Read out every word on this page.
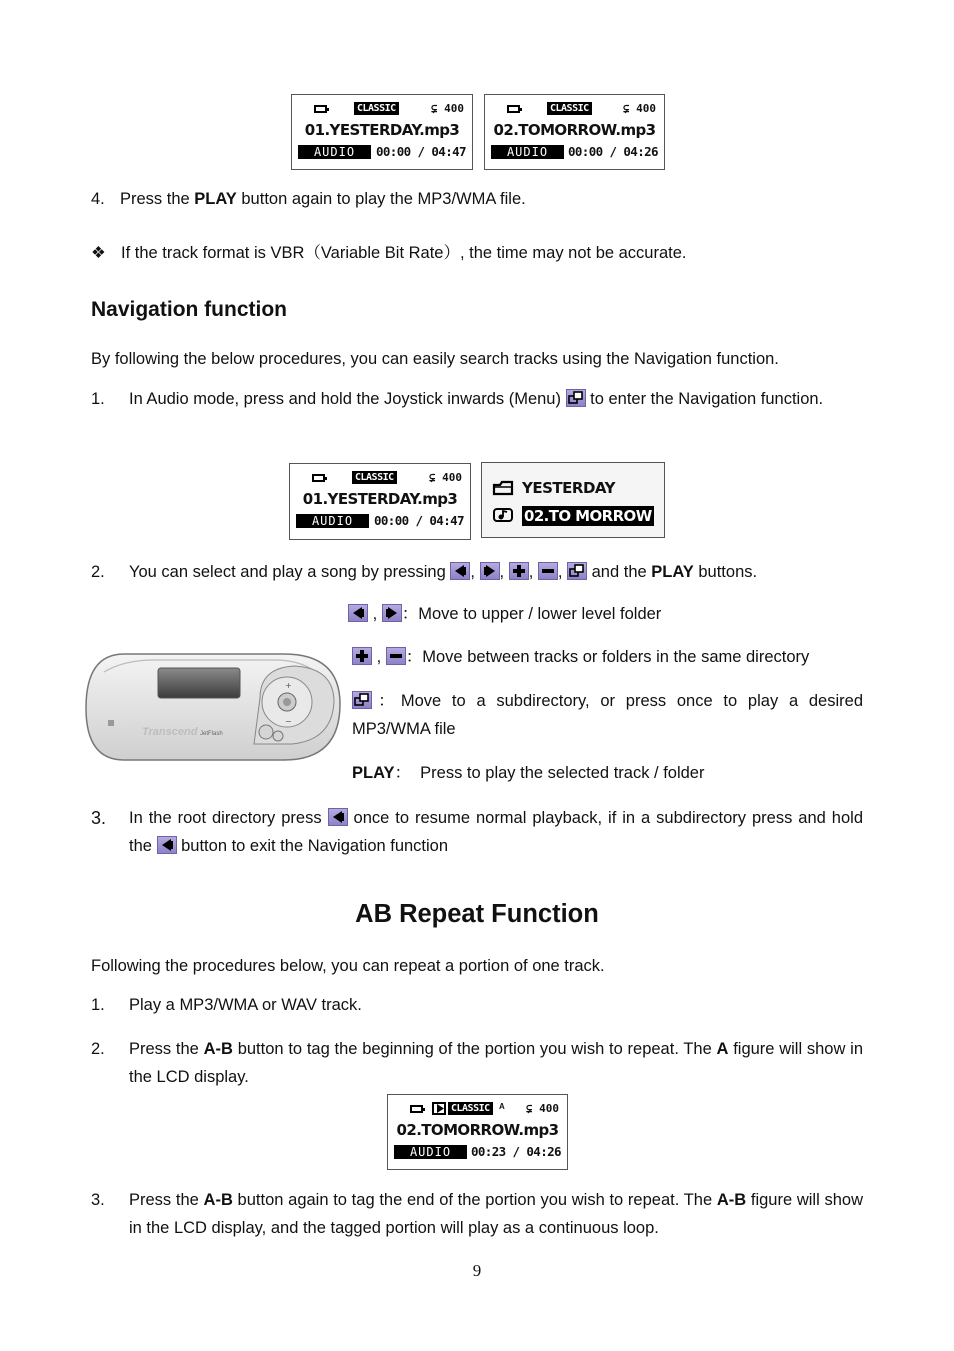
CLASSIC	⊊ 400
01.YESTERDAY.mp3
AUDIO	00:00 / 04:47
CLASSIC	⊊ 400
02.TOMORROW.mp3
AUDIO	00:00 / 04:26
4. Press the PLAY button again to play the MP3/WMA file.
❖ If the track format is VBR（Variable Bit Rate）, the time may not be accurate.
Navigation function
By following the below procedures, you can easily search tracks using the Navigation function.
1. In Audio mode, press and hold the Joystick inwards (Menu)
to enter the Navigation function.
CLASSIC	⊊ 400
01.YESTERDAY.mp3
AUDIO	00:00 / 04:47
YESTERDAY
02.TO MORROW
2. You can select and play a song by pressing
,
,
,
,
and the PLAY buttons.
+
−
Transcend JetFlash
,
：Move to upper / lower level folder
,
：Move between tracks or folders in the same directory
：Move to a subdirectory, or press once to play a desired MP3/WMA file
PLAY：  Press to play the selected track / folder
3. In the root directory press
once to resume normal playback, if in a subdirectory press and hold the
button to exit the Navigation function
AB Repeat Function
Following the procedures below, you can repeat a portion of one track.
1. Play a MP3/WMA or WAV track.
2. Press the A-B button to tag the beginning of the portion you wish to repeat. The A figure will show in the LCD display.
CLASSIC	A ⊊ 400
02.TOMORROW.mp3
AUDIO	00:23 / 04:26
3. Press the A-B button again to tag the end of the portion you wish to repeat. The A-B figure will show in the LCD display, and the tagged portion will play as a continuous loop.
9
